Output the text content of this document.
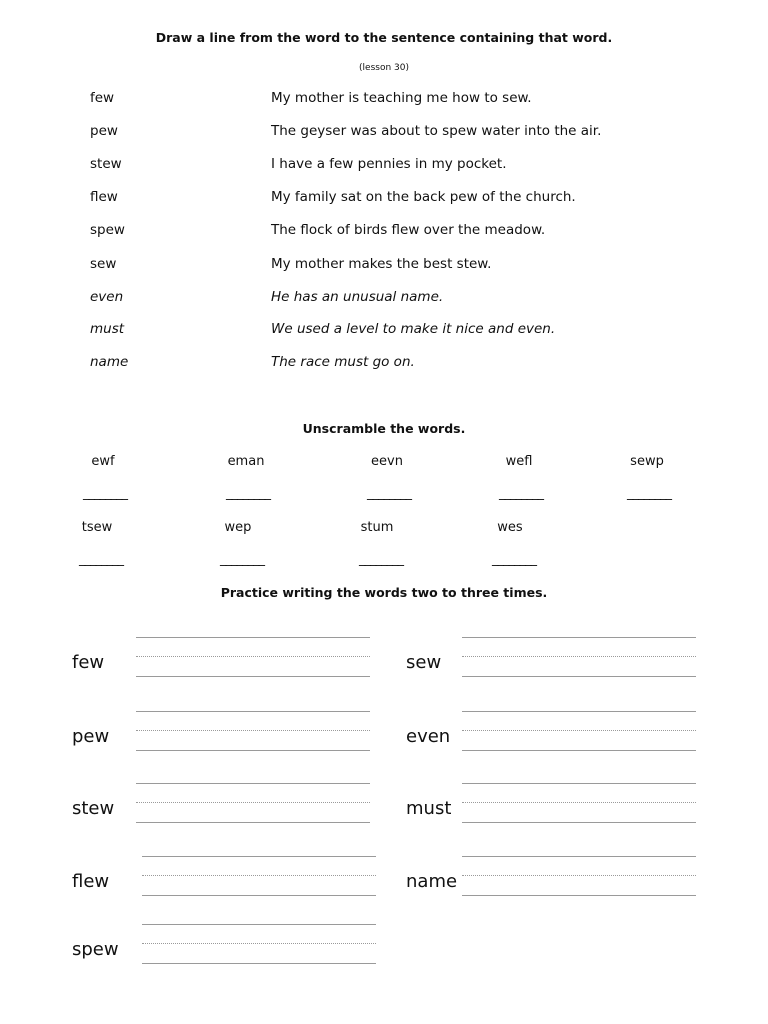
Draw a line from the word to the sentence containing that word.
(lesson 30)
few	My mother is teaching me how to sew.
pew	The geyser was about to spew water into the air.
stew	I have a few pennies in my pocket.
flew	My family sat on the back pew of the church.
spew	The flock of birds flew over the meadow.
sew	My mother makes the best stew.
even	He has an unusual name.
must	We used a level to make it nice and even.
name	The race must go on.
Unscramble the words.
ewf
________
eman
________
eevn
________
wefl
________
sewp
________
tsew
________
wep
________
stum
________
wes
________
Practice writing the words two to three times.
few
pew
stew
flew
spew
sew
even
must
name
